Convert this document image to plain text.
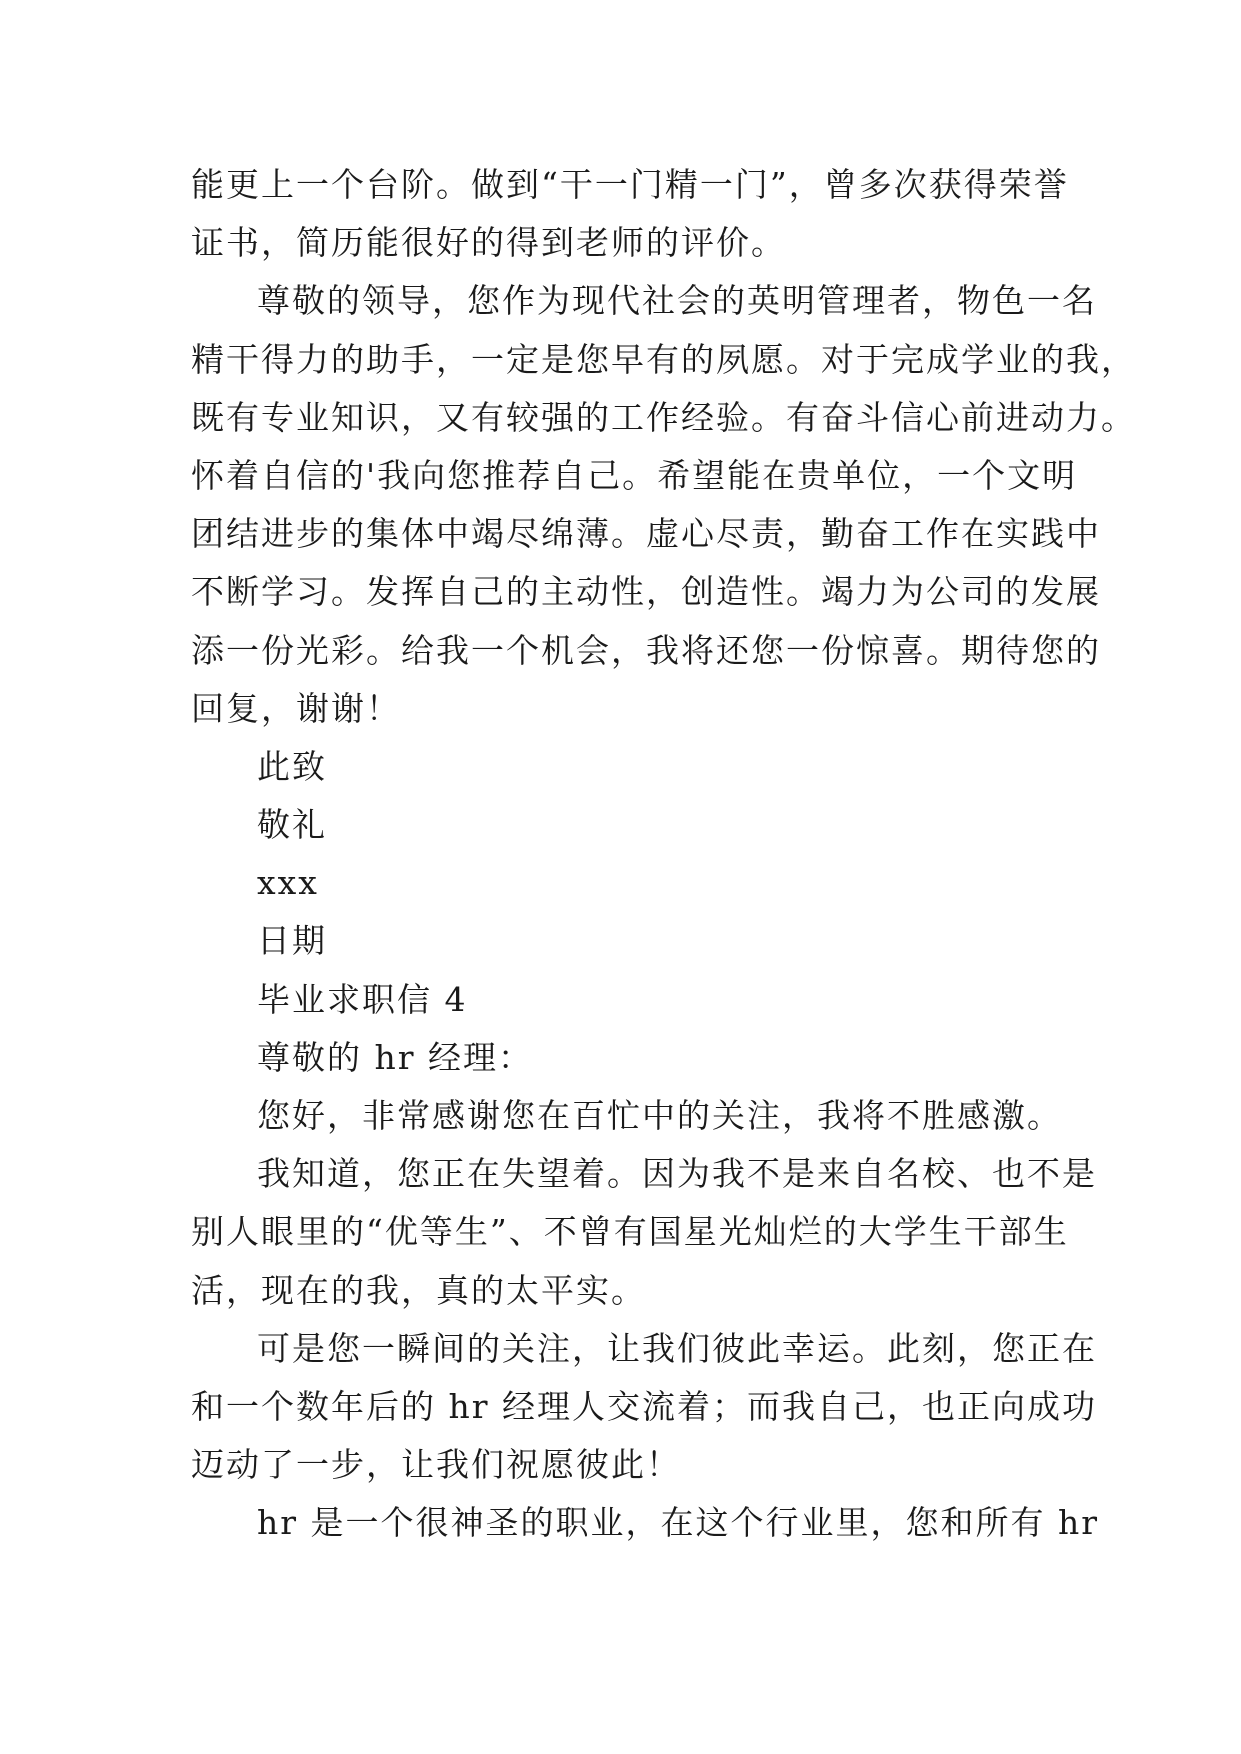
能更上一个台阶。做到“干一门精一门”，曾多次获得荣誉
证书，简历能很好的得到老师的评价。
尊敬的领导，您作为现代社会的英明管理者，物色一名
精干得力的助手，一定是您早有的夙愿。对于完成学业的我，
既有专业知识，又有较强的工作经验。有奋斗信心前进动力。
怀着自信的'我向您推荐自己。希望能在贵单位，一个文明
团结进步的集体中竭尽绵薄。虚心尽责，勤奋工作在实践中
不断学习。发挥自己的主动性，创造性。竭力为公司的发展
添一份光彩。给我一个机会，我将还您一份惊喜。期待您的
回复，谢谢！
此致
敬礼
xxx
日期
毕业求职信 4
尊敬的 hr 经理：
您好，非常感谢您在百忙中的关注，我将不胜感激。
我知道，您正在失望着。因为我不是来自名校、也不是
别人眼里的“优等生”、不曾有国星光灿烂的大学生干部生
活，现在的我，真的太平实。
可是您一瞬间的关注，让我们彼此幸运。此刻，您正在
和一个数年后的 hr 经理人交流着；而我自己，也正向成功
迈动了一步，让我们祝愿彼此！
hr 是一个很神圣的职业，在这个行业里，您和所有 hr
